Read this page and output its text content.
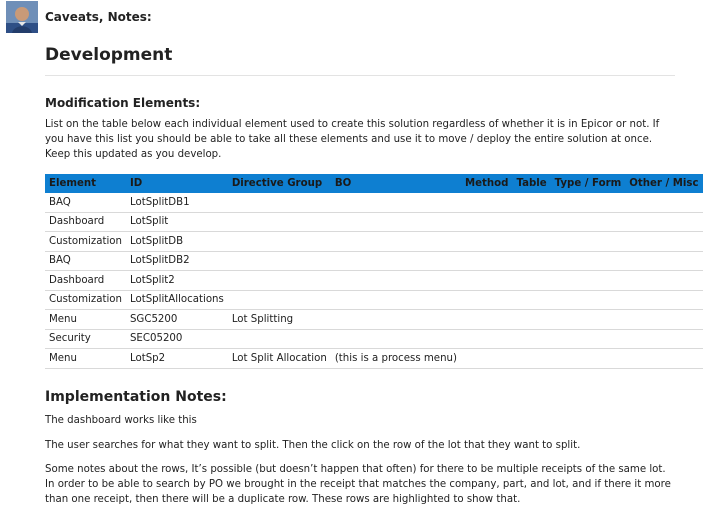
Caveats, Notes:
Development
Modification Elements:

List on the table below each individual element used to create this solution regardless of whether it is in Epicor or not. If you have this list you should be able to take all these elements and use it to move / deploy the entire solution at once. Keep this updated as you develop.

Element	ID	Directive Group	BO	Method	Table	Type / Form	Other / Misc
BAQ	LotSplitDB1						
Dashboard	LotSplit						
Customization	LotSplitDB						
BAQ	LotSplitDB2						
Dashboard	LotSplit2						
Customization	LotSplitAllocations						
Menu	SGC5200	Lot Splitting					
Security	SEC05200						
Menu	LotSp2	Lot Split Allocation	(this is a process menu)				
Implementation Notes:

The dashboard works like this

The user searches for what they want to split. Then the click on the row of the lot that they want to split.

Some notes about the rows, It’s possible (but doesn’t happen that often) for there to be multiple receipts of the same lot. In order to be able to search by PO we brought in the receipt that matches the company, part, and lot, and if there it more than one receipt, then there will be a duplicate row. These rows are highlighted to show that.
